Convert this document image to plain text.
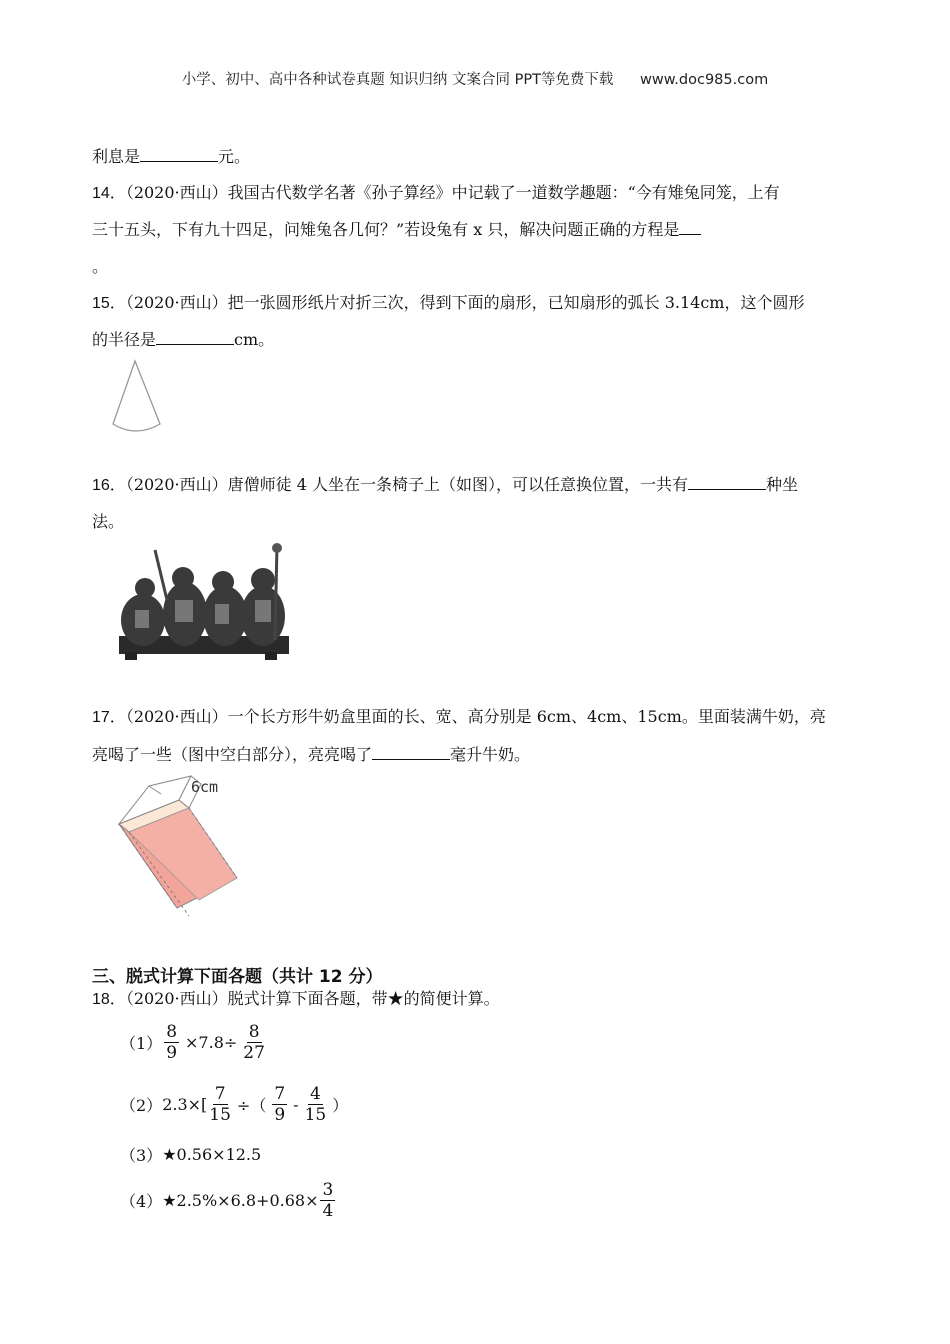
小学、初中、高中各种试卷真题 知识归纳 文案合同 PPT等免费下载 www.doc985.com
利息是	元。
14．（2020·西山）我国古代数学名著《孙子算经》中记载了一道数学趣题：“今有雉兔同笼，上有
三十五头，下有九十四足，问雉兔各几何？”若设兔有 x 只，解决问题正确的方程是
。
15．（2020·西山）把一张圆形纸片对折三次，得到下面的扇形，已知扇形的弧长 3.14cm，这个圆形
的半径是	cm。
16．（2020·西山）唐僧师徒 4 人坐在一条椅子上（如图），可以任意换位置，一共有	种坐
法。
17．（2020·西山）一个长方形牛奶盒里面的长、宽、高分别是 6cm、4cm、15cm。里面装满牛奶，亮
亮喝了一些（图中空白部分），亮亮喝了	毫升牛奶。
6cm
三、脱式计算下面各题（共计 12 分）
18．（2020·西山）脱式计算下面各题，带★的简便计算。
$(1) \frac{8}{9} \times 7.8\div \frac{8}{27}$
（2） $2.3\times[ \frac{7}{15}$ ÷（ $\frac{7}{9} - \frac{4}{15}$ ）
（3） ★0.56×12.5
（4） ★2.5%×6.8+0.68× $\frac{3}{4}$
